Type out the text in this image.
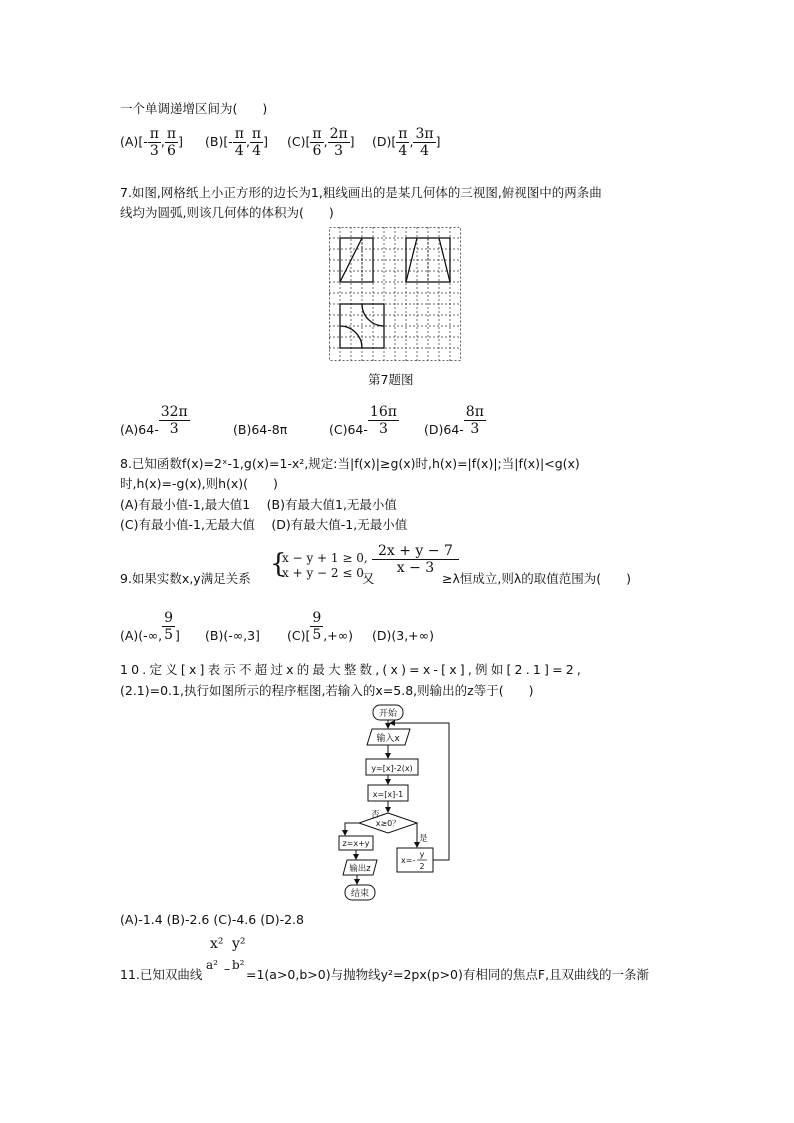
一个单调递增区间为(　　)
$(A)[- \frac{\pi}{3}$ , $\frac{\pi}{6}$ ] $(B)[- \frac{\pi}{4}$ , $\frac{\pi}{4}$ ] $(C)[ \frac{\pi}{6}$ , $\frac{2\pi}{3}$ ] $(D)[ \frac{\pi}{4}$ , $\frac{3\pi}{4}$ ]
7.如图,网格纸上小正方形的边长为1,粗线画出的是某几何体的三视图,俯视图中的两条曲
线均为圆弧,则该几何体的体积为(　　)
第7题图
$(A)64- \frac{32\pi}{3}$	(B)64-8π	$(C)64- \frac{16\pi}{3} (D)64- \frac{8\pi}{3}$
8.已知函数f(x)=2ˣ-1,g(x)=1-x²,规定:当|f(x)|≥g(x)时,h(x)=|f(x)|;当|f(x)|<g(x)
时,h(x)=-g(x),则h(x)(　　)
(A)有最小值-1,最大值1　 (B)有最大值1,无最小值
(C)有最小值-1,无最大值　 (D)有最大值-1,无最小值
9.如果实数x,y满足关系 {
x − y + 1 ≥ 0,
x + y − 2 ≤ 0,
又
$\frac{2x + y - 7}{x - 3}$
≥λ恒成立,则λ的取值范围为(　　)
(A)(-∞, $\frac{9}{5}$ ] (B)(-∞,3] $(C)[ \frac{9}{5}$ ,+∞) (D)(3,+∞)
10.定义[x]表示不超过x的最大整数,(x)=x-[x],例如[2.1]=2,
(2.1)=0.1,执行如图所示的程序框图,若输入的x=5.8,则输出的z等于(　　)
开始
输入x
y=[x]-2(x)
x=[x]-1
x≥0？
是
否
x=-
y
2
z=x+y
输出z
结束
(A)-1.4 (B)-2.6 (C)-4.6 (D)-2.8
11.已知双曲线
x² y²
a² – b²
=1(a>0,b>0)与抛物线y²=2px(p>0)有相同的焦点F,且双曲线的一条渐
